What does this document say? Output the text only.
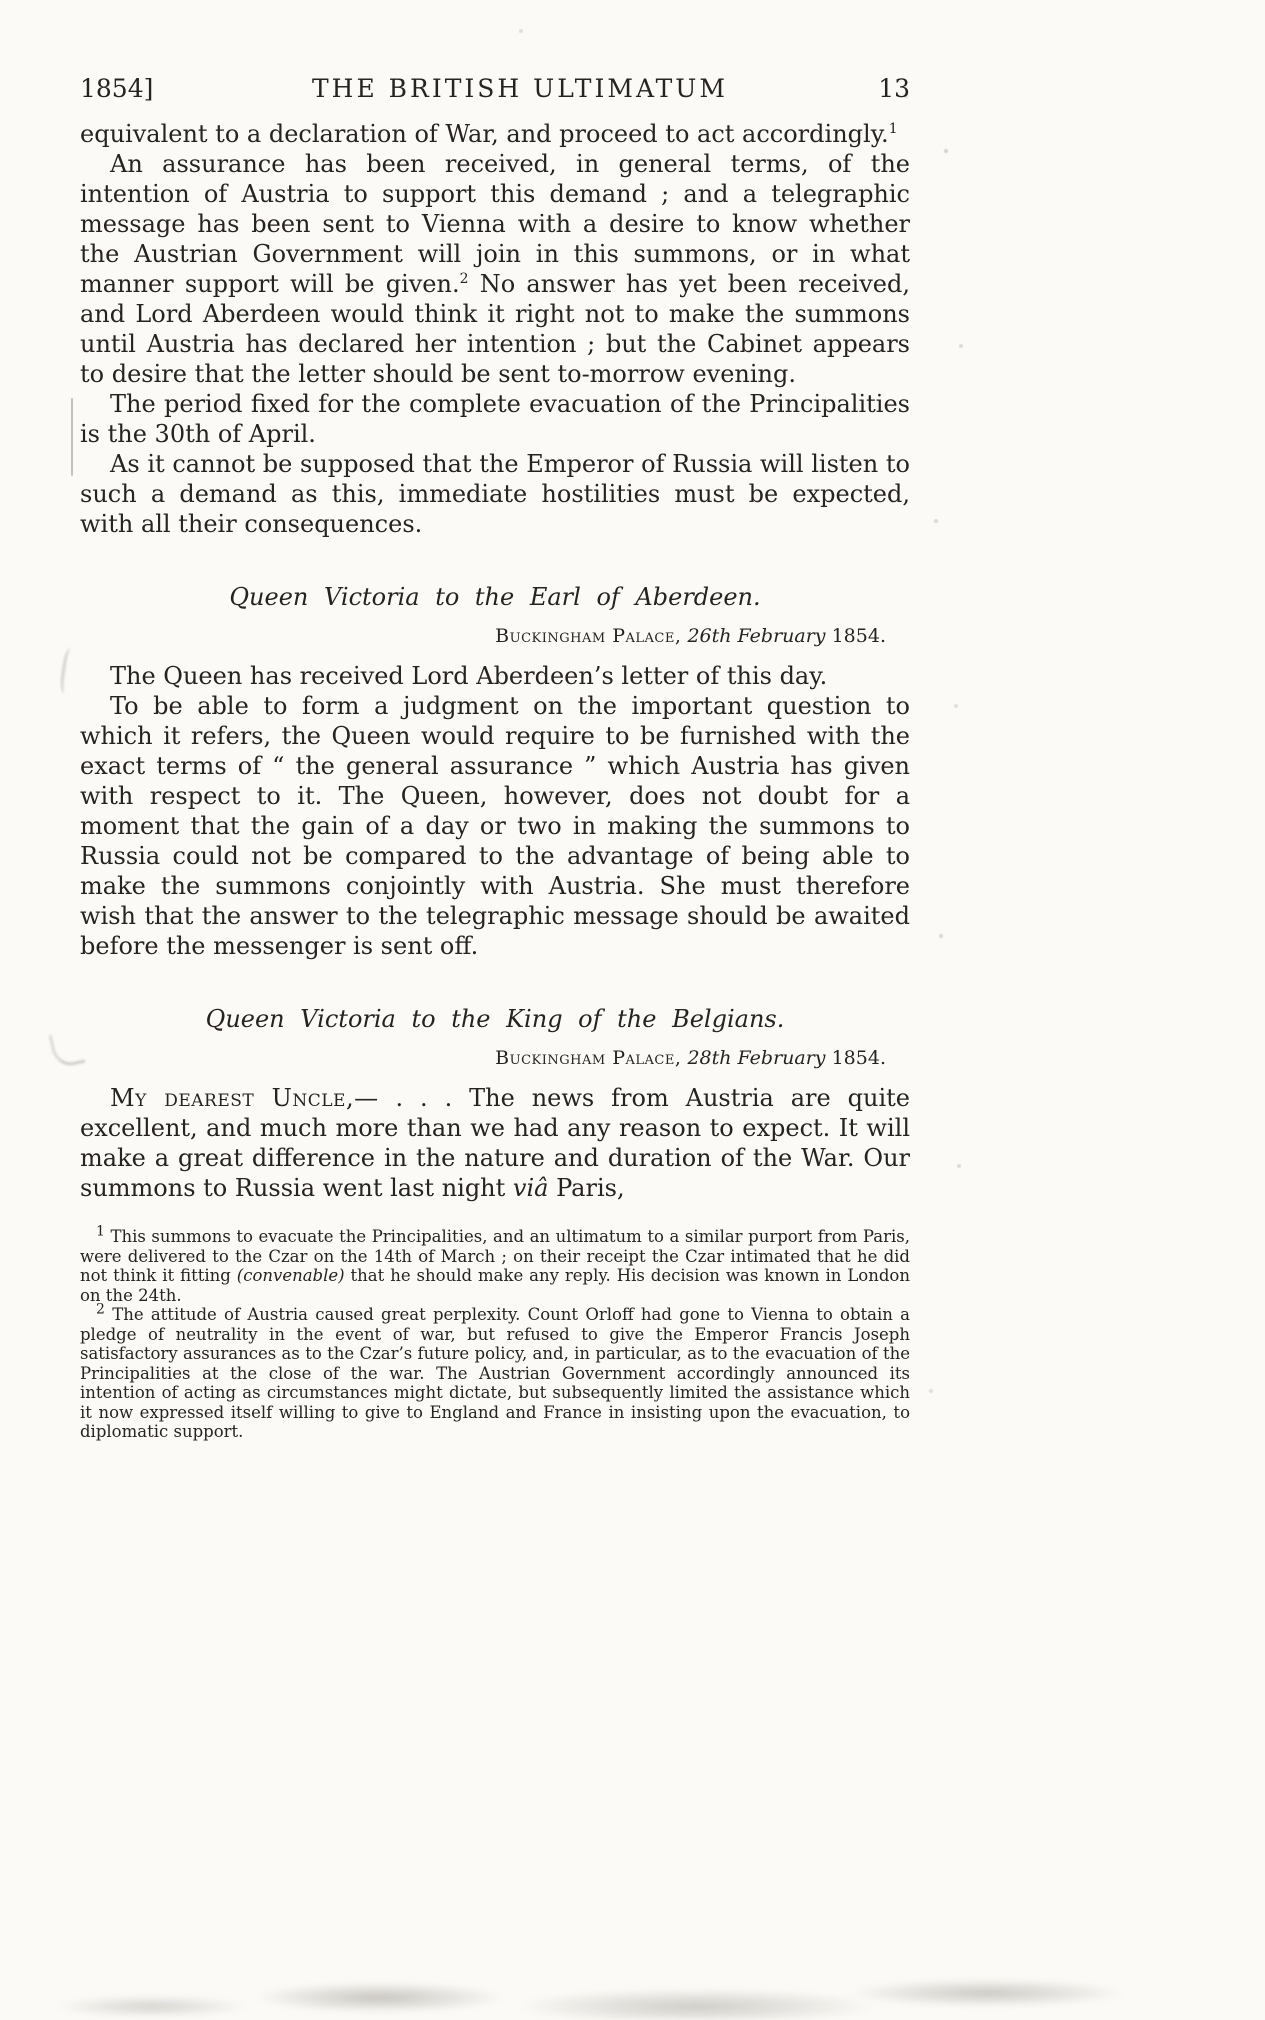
1854]	THE BRITISH ULTIMATUM	13

equivalent to a declaration of War, and proceed to act accordingly.$^1$

An assurance has been received, in general terms, of the intention of Austria to support this demand ; and a telegraphic message has been sent to Vienna with a desire to know whether the Austrian Government will join in this summons, or in what manner support will be given.$^2$ No answer has yet been received, and Lord Aberdeen would think it right not to make the summons until Austria has declared her intention ; but the Cabinet appears to desire that the letter should be sent to-morrow evening.

The period fixed for the complete evacuation of the Principalities is the 30th of April.

As it cannot be supposed that the Emperor of Russia will listen to such a demand as this, immediate hostilities must be expected, with all their consequences.

Queen Victoria to the Earl of Aberdeen.

Buckingham Palace, 26th February 1854.

The Queen has received Lord Aberdeen’s letter of this day.

To be able to form a judgment on the important question to which it refers, the Queen would require to be furnished with the exact terms of “ the general assurance ” which Austria has given with respect to it. The Queen, however, does not doubt for a moment that the gain of a day or two in making the summons to Russia could not be compared to the advantage of being able to make the summons conjointly with Austria. She must therefore wish that the answer to the telegraphic message should be awaited before the messenger is sent off.

Queen Victoria to the King of the Belgians.

Buckingham Palace, 28th February 1854.

My dearest Uncle,— . . . The news from Austria are quite excellent, and much more than we had any reason to expect. It will make a great difference in the nature and duration of the War. Our summons to Russia went last night viâ Paris,

$^1$ This summons to evacuate the Principalities, and an ultimatum to a similar purport from Paris, were delivered to the Czar on the 14th of March ; on their receipt the Czar intimated that he did not think it fitting (convenable) that he should make any reply. His decision was known in London on the 24th.

$^2$ The attitude of Austria caused great perplexity. Count Orloff had gone to Vienna to obtain a pledge of neutrality in the event of war, but refused to give the Emperor Francis Joseph satisfactory assurances as to the Czar’s future policy, and, in particular, as to the evacuation of the Principalities at the close of the war. The Austrian Government accordingly announced its intention of acting as circumstances might dictate, but subsequently limited the assistance which it now expressed itself willing to give to England and France in insisting upon the evacuation, to diplomatic support.
